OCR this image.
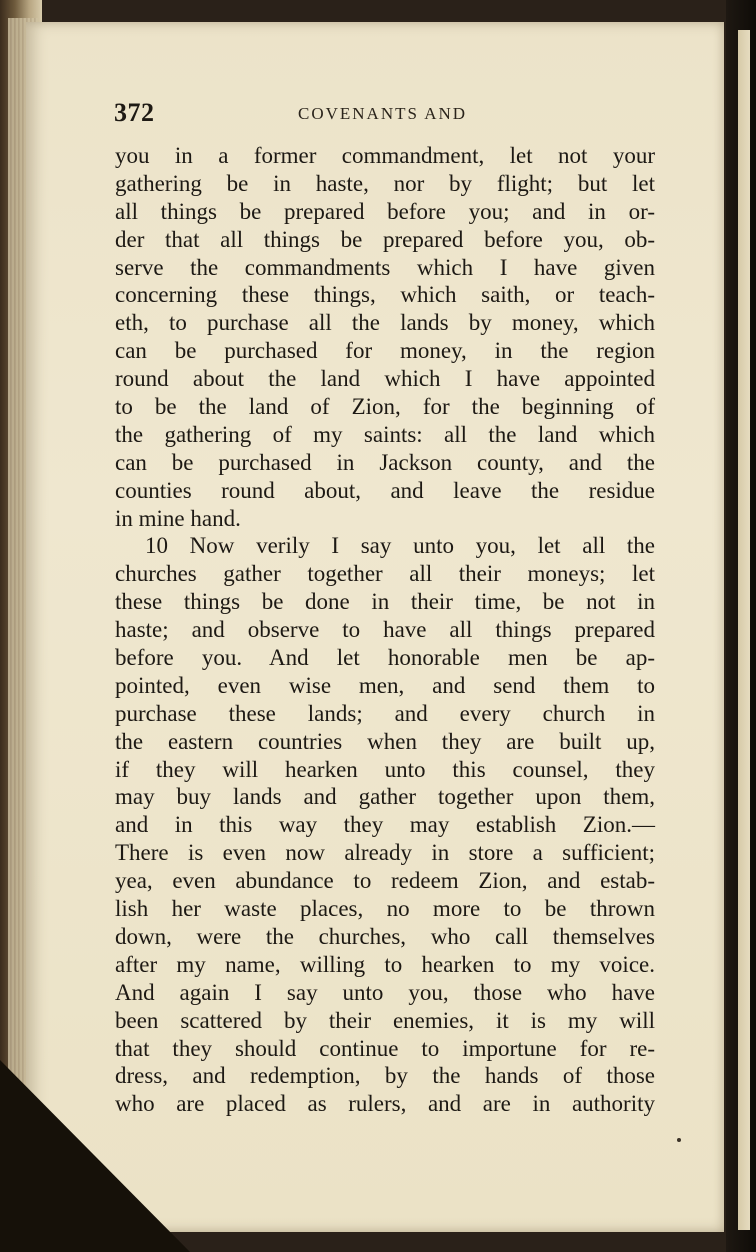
372	COVENANTS AND
you in a former commandment, let not your
gathering be in haste, nor by flight; but let
all things be prepared before you; and in or-
der that all things be prepared before you, ob-
serve the commandments which I have given
concerning these things, which saith, or teach-
eth, to purchase all the lands by money, which
can be purchased for money, in the region
round about the land which I have appointed
to be the land of Zion, for the beginning of
the gathering of my saints: all the land which
can be purchased in Jackson county, and the
counties round about, and leave the residue
in mine hand.
10 Now verily I say unto you, let all the
churches gather together all their moneys; let
these things be done in their time, be not in
haste; and observe to have all things prepared
before you. And let honorable men be ap-
pointed, even wise men, and send them to
purchase these lands; and every church in
the eastern countries when they are built up,
if they will hearken unto this counsel, they
may buy lands and gather together upon them,
and in this way they may establish Zion.—
There is even now already in store a sufficient;
yea, even abundance to redeem Zion, and estab-
lish her waste places, no more to be thrown
down, were the churches, who call themselves
after my name, willing to hearken to my voice.
And again I say unto you, those who have
been scattered by their enemies, it is my will
that they should continue to importune for re-
dress, and redemption, by the hands of those
who are placed as rulers, and are in authority
